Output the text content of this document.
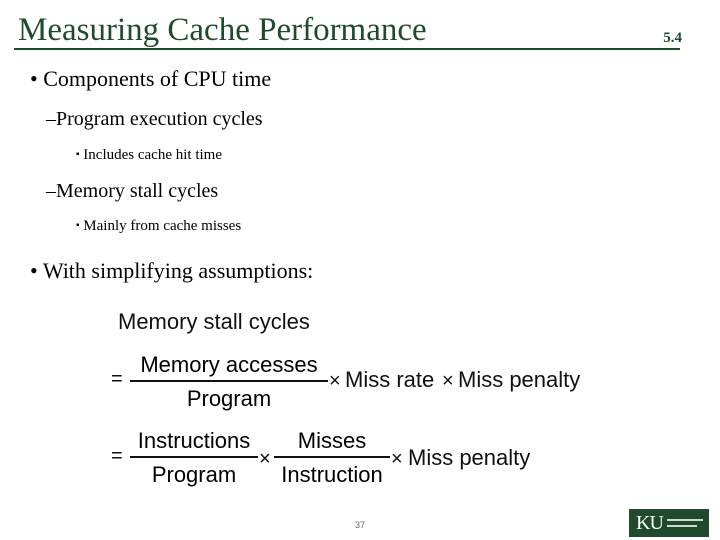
Measuring Cache Performance	5.4
• Components of CPU time
–Program execution cycles
▪ Includes cache hit time
–Memory stall cycles
▪ Mainly from cache misses
• With simplifying assumptions:
Memory stall cycles
=
Memory accesses
Program
× Miss rate × Miss penalty
=
Instructions
Program
×
Misses
Instruction
× Miss penalty
37	KU
